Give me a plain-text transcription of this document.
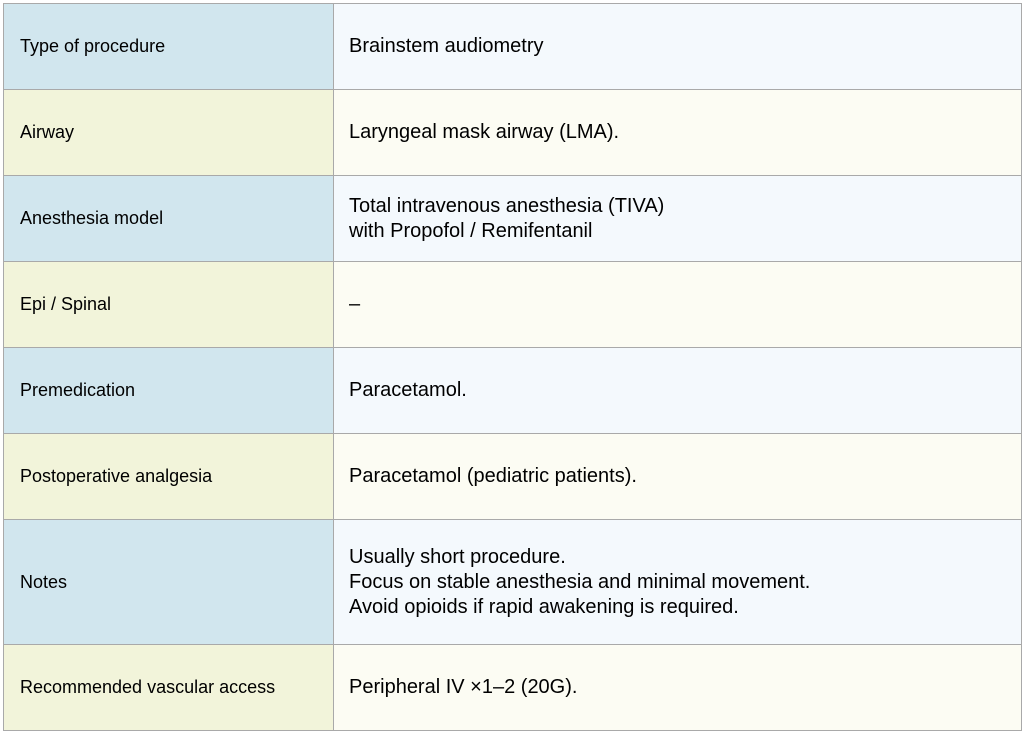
Type of procedure	Brainstem audiometry

Airway	Laryngeal mask airway (LMA).

Anesthesia model	Total intravenous anesthesia (TIVA)
with Propofol / Remifentanil

Epi / Spinal	–

Premedication	Paracetamol.

Postoperative analgesia	Paracetamol (pediatric patients).

Notes	Usually short procedure.
Focus on stable anesthesia and minimal movement.
Avoid opioids if rapid awakening is required.

Recommended vascular access	Peripheral IV ×1–2 (20G).
